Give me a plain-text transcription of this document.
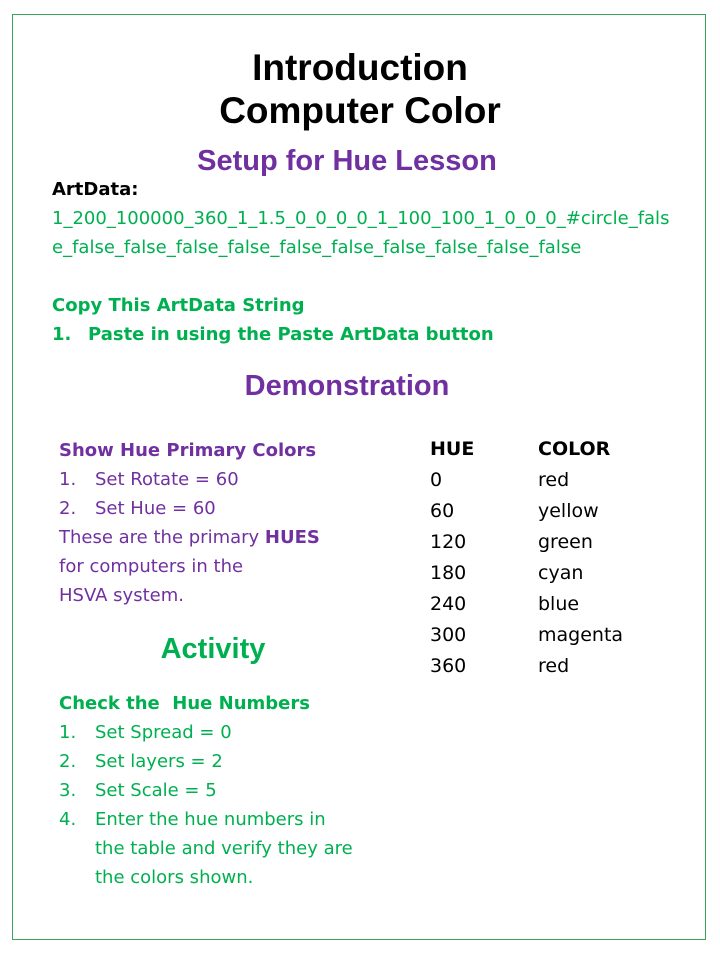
Introduction
Computer Color
Setup for Hue Lesson
ArtData:
1_200_100000_360_1_1.5_0_0_0_0_1_100_100_1_0_0_0_#circle_false_false_false_false_false_false_false_false_false_false_false
Copy This ArtData String
1. Paste in using the Paste ArtData button
Demonstration
Show Hue Primary Colors
1. Set Rotate = 60
2. Set Hue = 60
These are the primary HUES
for computers in the
HSVA system.
Activity
Check the  Hue Numbers
1. Set Spread = 0
2. Set layers = 2
3. Set Scale = 5
4. Enter the hue numbers in
the table and verify they are
the colors shown.
HUE	COLOR
0	red
60	yellow
120	green
180	cyan
240	blue
300	magenta
360	red
